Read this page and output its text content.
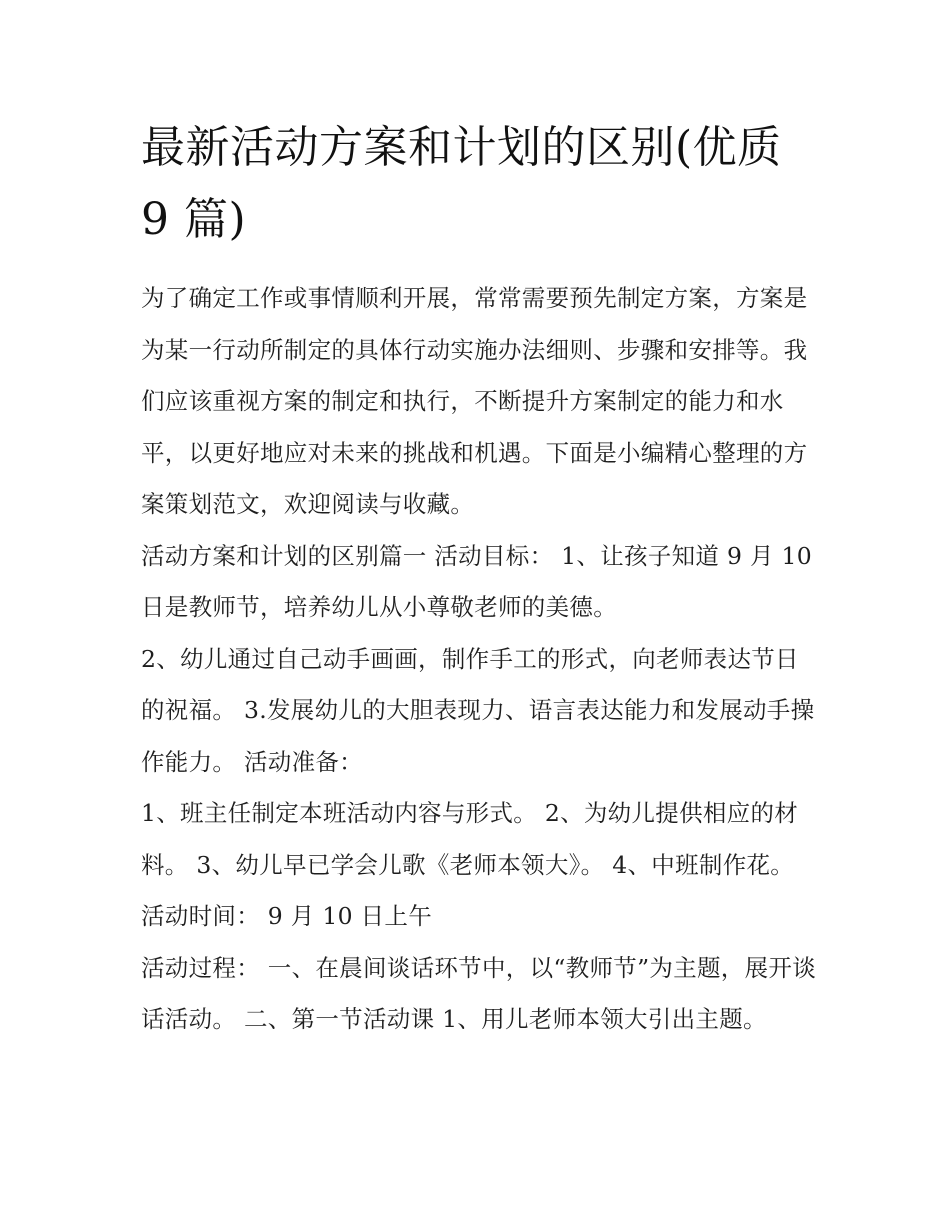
最新活动方案和计划的区别(优质 9 篇)

为了确定工作或事情顺利开展，常常需要预先制定方案，方案是为某一行动所制定的具体行动实施办法细则、步骤和安排等。我们应该重视方案的制定和执行，不断提升方案制定的能力和水平，以更好地应对未来的挑战和机遇。下面是小编精心整理的方案策划范文，欢迎阅读与收藏。

活动方案和计划的区别篇一 活动目标： 1、让孩子知道 9 月 10 日是教师节，培养幼儿从小尊敬老师的美德。

2、幼儿通过自己动手画画，制作手工的形式，向老师表达节日的祝福。 3.发展幼儿的大胆表现力、语言表达能力和发展动手操作能力。 活动准备：

1、班主任制定本班活动内容与形式。 2、为幼儿提供相应的材料。 3、幼儿早已学会儿歌《老师本领大》。 4、中班制作花。 活动时间： 9 月 10 日上午

活动过程： 一、在晨间谈话环节中，以“教师节”为主题，展开谈话活动。 二、第一节活动课 1、用儿老师本领大引出主题。
